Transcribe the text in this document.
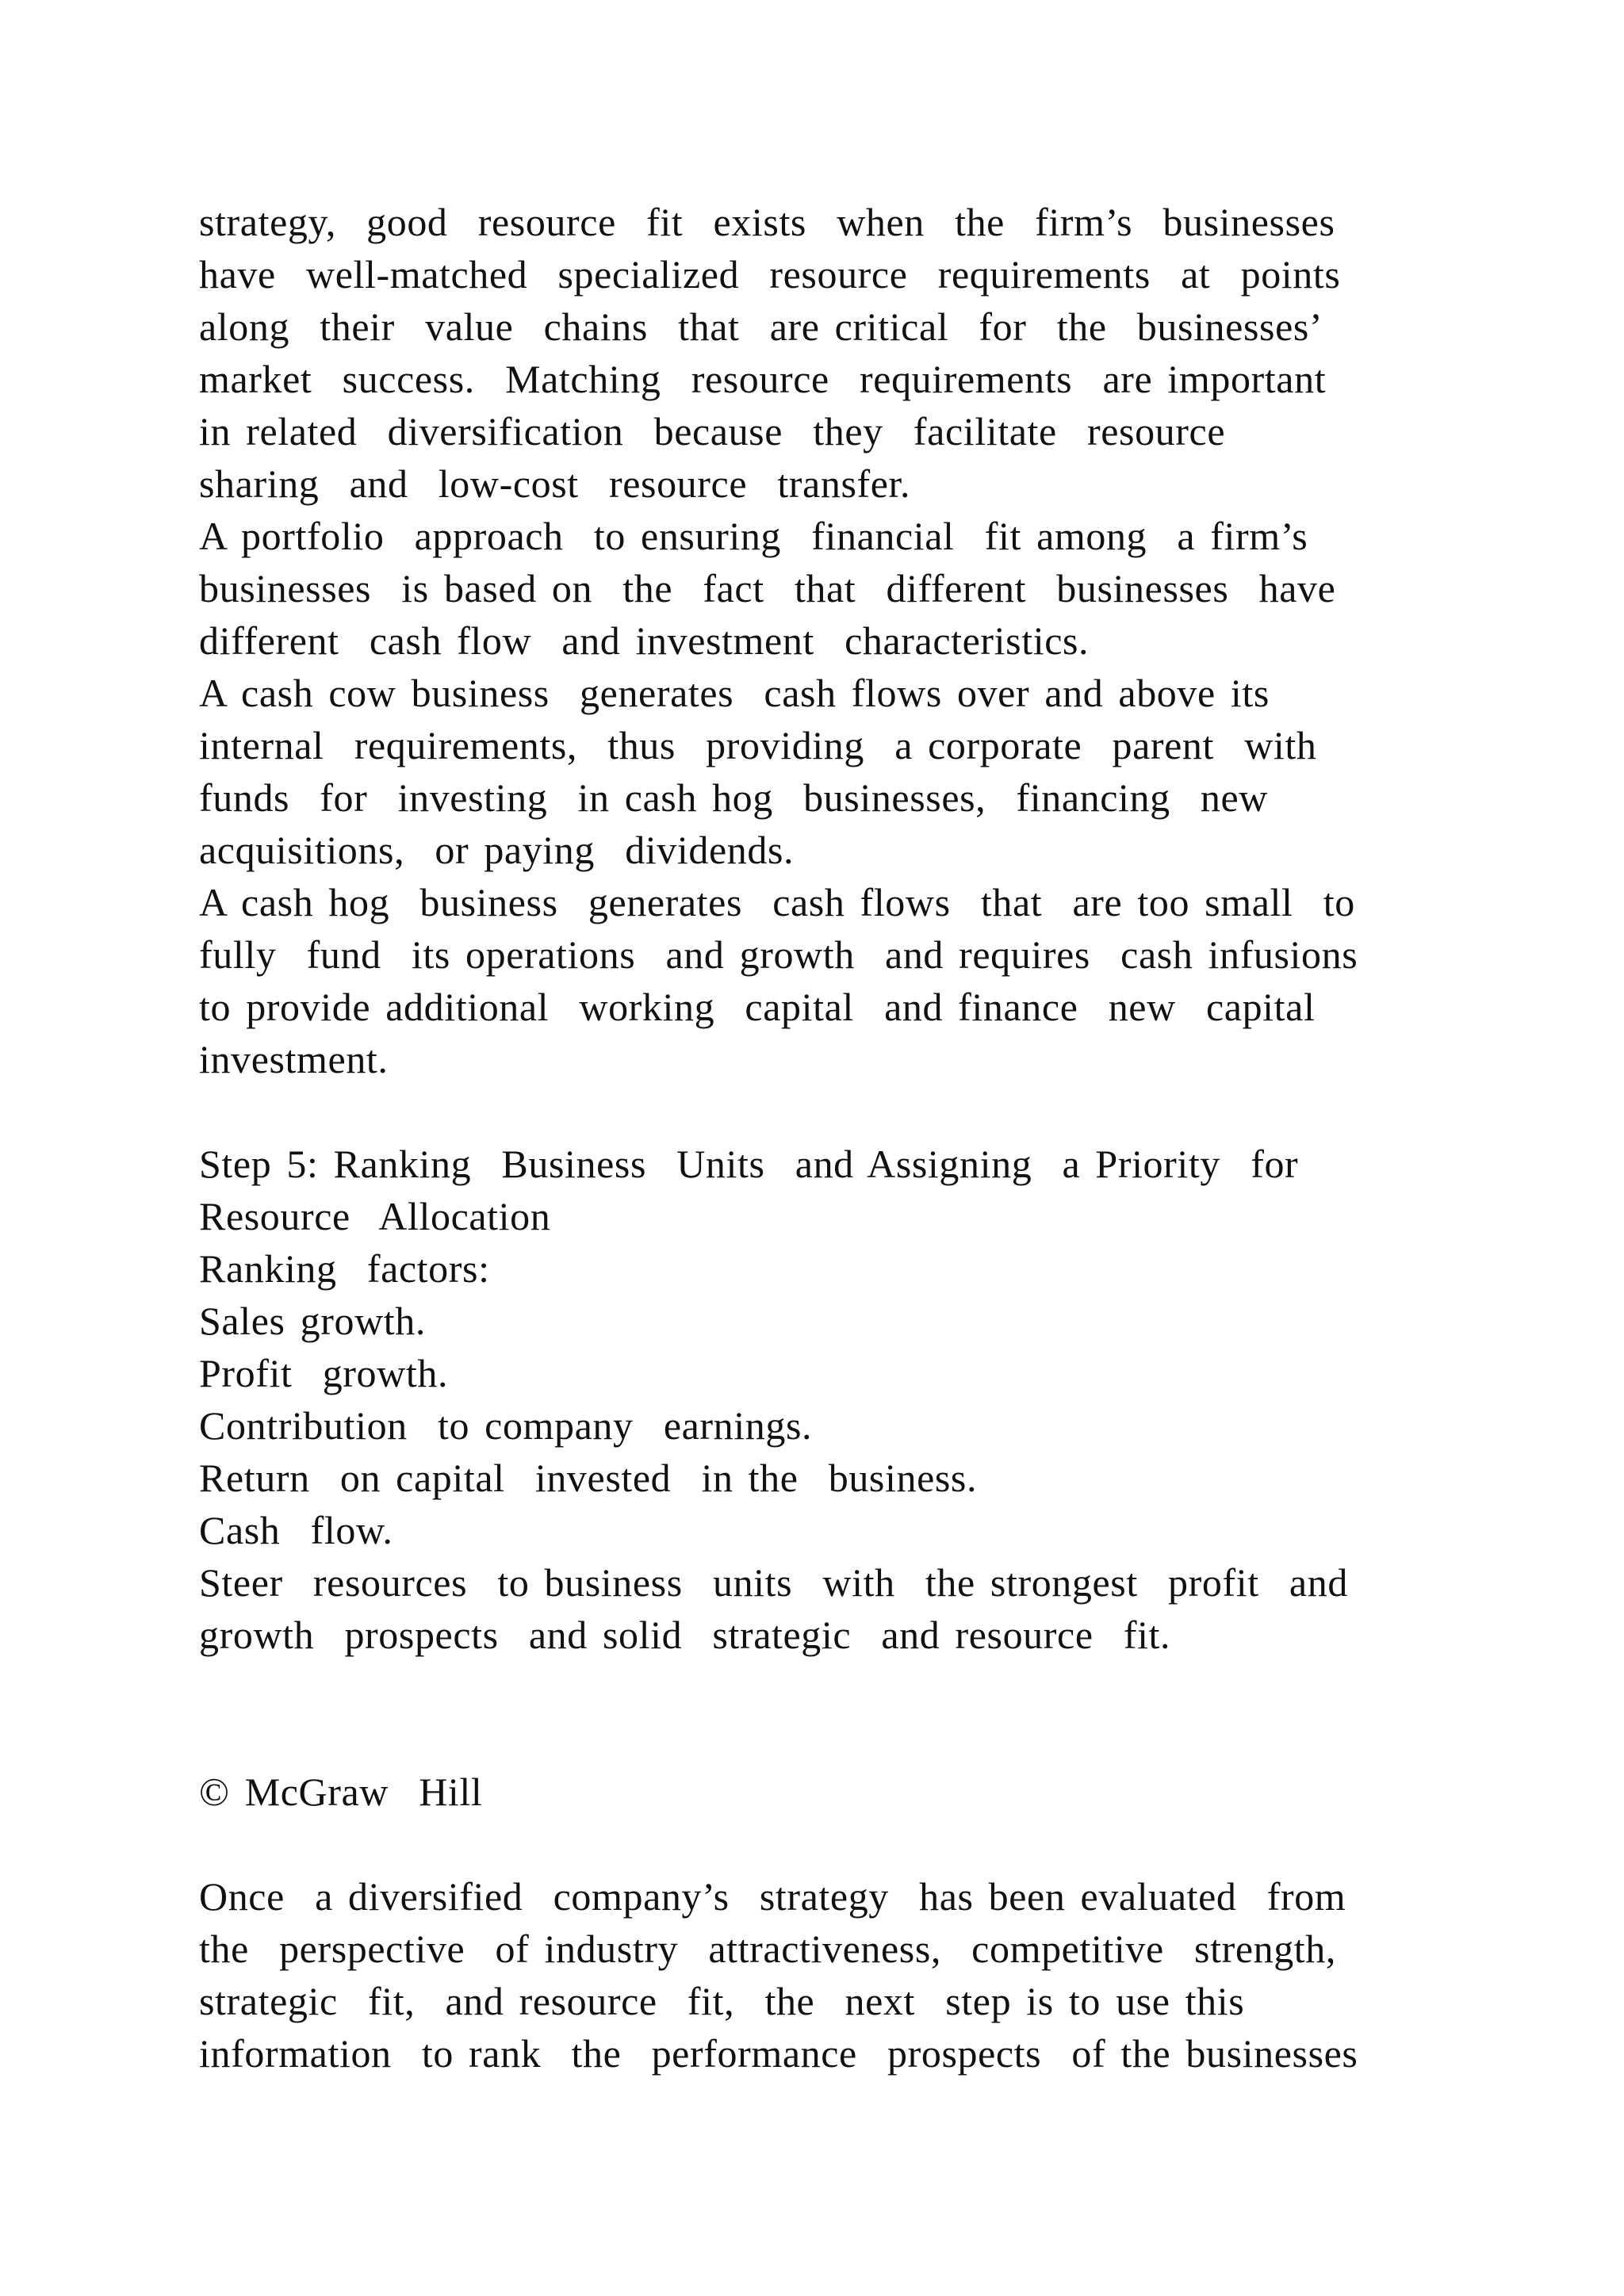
strategy,  good  resource  fit  exists  when  the  firm’s  businesses
have  well-matched  specialized  resource  requirements  at  points
along  their  value  chains  that  are critical  for  the  businesses’
market  success.  Matching  resource  requirements  are important
in related  diversification  because  they  facilitate  resource
sharing  and  low-cost  resource  transfer.
A portfolio  approach  to ensuring  financial  fit among  a firm’s
businesses  is based on  the  fact  that  different  businesses  have
different  cash flow  and investment  characteristics.
A cash cow business  generates  cash flows over and above its
internal  requirements,  thus  providing  a corporate  parent  with
funds  for  investing  in cash hog  businesses,  financing  new
acquisitions,  or paying  dividends.
A cash hog  business  generates  cash flows  that  are too small  to
fully  fund  its operations  and growth  and requires  cash infusions
to provide additional  working  capital  and finance  new  capital
investment.
Step 5: Ranking  Business  Units  and Assigning  a Priority  for
Resource  Allocation
Ranking  factors:
Sales growth.
Profit  growth.
Contribution  to company  earnings.
Return  on capital  invested  in the  business.
Cash  flow.
Steer  resources  to business  units  with  the strongest  profit  and
growth  prospects  and solid  strategic  and resource  fit.
© McGraw  Hill
Once  a diversified  company’s  strategy  has been evaluated  from
the  perspective  of industry  attractiveness,  competitive  strength,
strategic  fit,  and resource  fit,  the  next  step is to use this
information  to rank  the  performance  prospects  of the businesses
